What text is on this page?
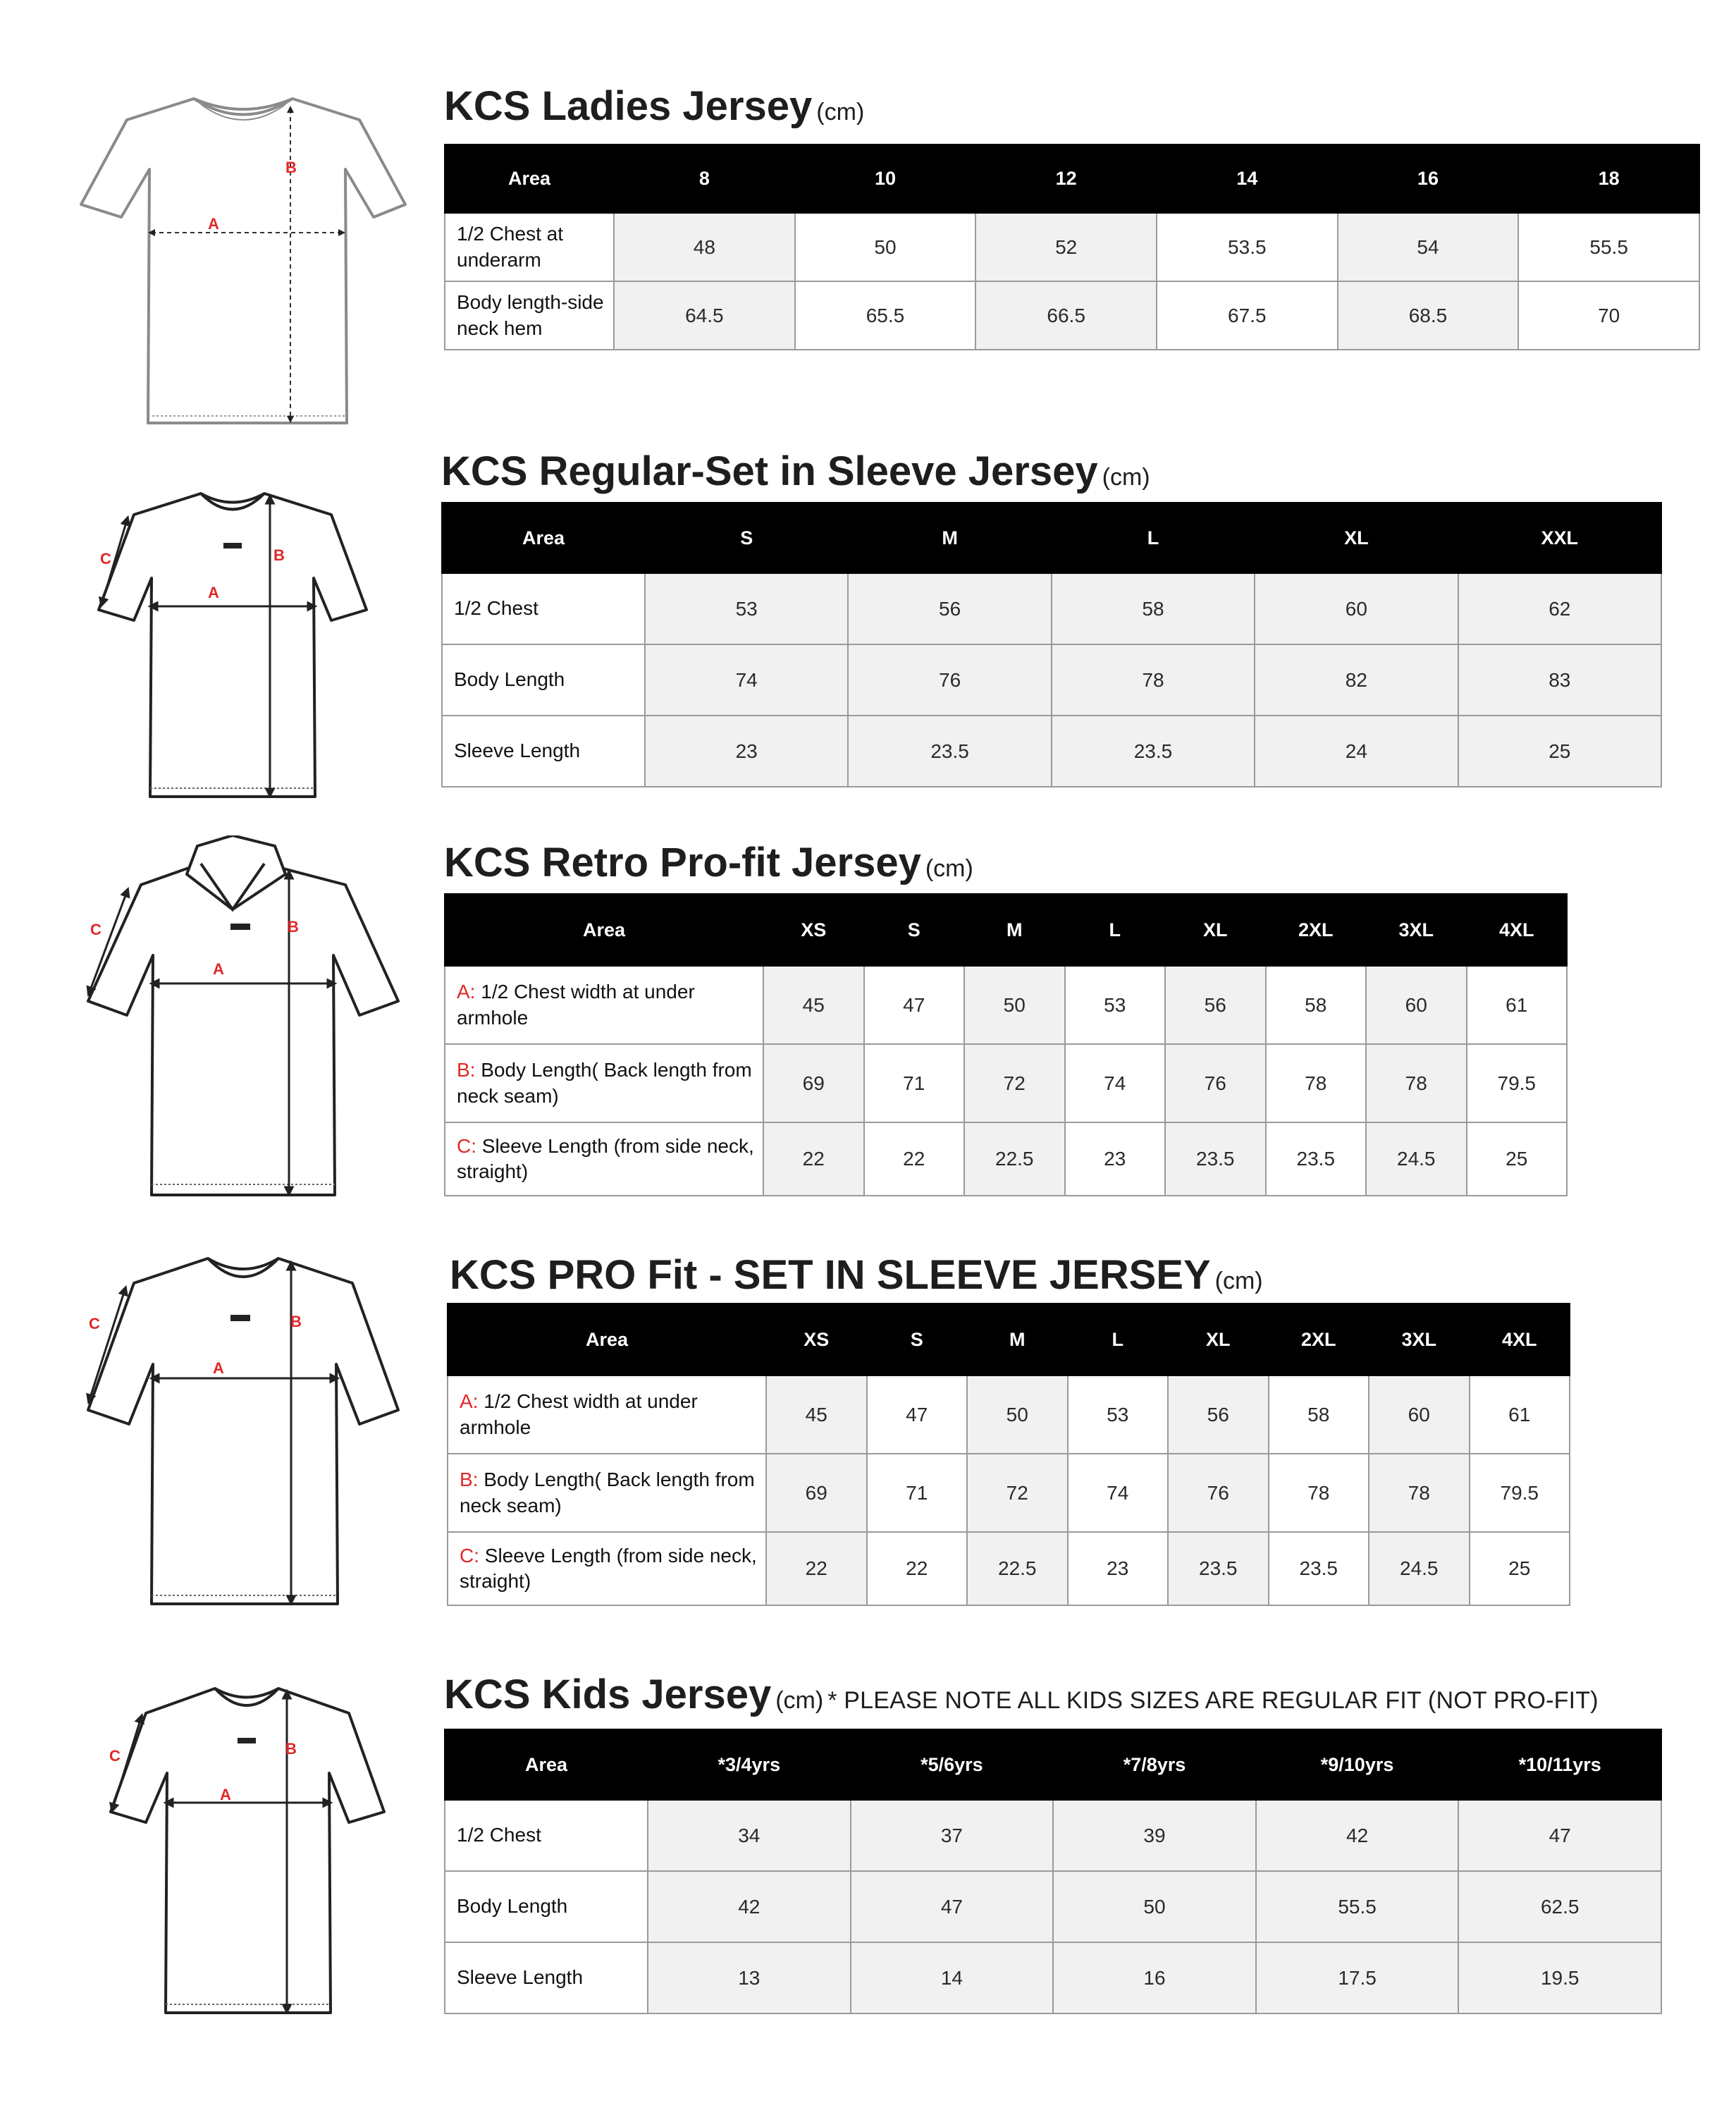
A
B
A
B
C
A
B
C
A
B
C
A
B
C
KCS Ladies Jersey (cm)
Area	8	10	12	14	16	18
1/2 Chest at underarm	48	50	52	53.5	54	55.5
Body length-side neck hem	64.5	65.5	66.5	67.5	68.5	70
KCS Regular-Set in Sleeve Jersey (cm)
Area	S	M	L	XL	XXL
1/2 Chest	53	56	58	60	62
Body Length	74	76	78	82	83
Sleeve Length	23	23.5	23.5	24	25
KCS Retro Pro-fit Jersey (cm)
Area	XS	S	M	L	XL	2XL	3XL	4XL
A: 1/2 Chest width at under armhole	45	47	50	53	56	58	60	61
B: Body Length( Back length from neck seam)	69	71	72	74	76	78	78	79.5
C: Sleeve Length (from side neck, straight)	22	22	22.5	23	23.5	23.5	24.5	25
KCS PRO Fit - SET IN SLEEVE JERSEY (cm)
Area	XS	S	M	L	XL	2XL	3XL	4XL
A: 1/2 Chest width at under armhole	45	47	50	53	56	58	60	61
B: Body Length( Back length from neck seam)	69	71	72	74	76	78	78	79.5
C: Sleeve Length (from side neck, straight)	22	22	22.5	23	23.5	23.5	24.5	25
KCS Kids Jersey (cm) * PLEASE NOTE ALL KIDS SIZES ARE REGULAR FIT (NOT PRO-FIT)
Area	*3/4yrs	*5/6yrs	*7/8yrs	*9/10yrs	*10/11yrs
1/2 Chest	34	37	39	42	47
Body Length	42	47	50	55.5	62.5
Sleeve Length	13	14	16	17.5	19.5
